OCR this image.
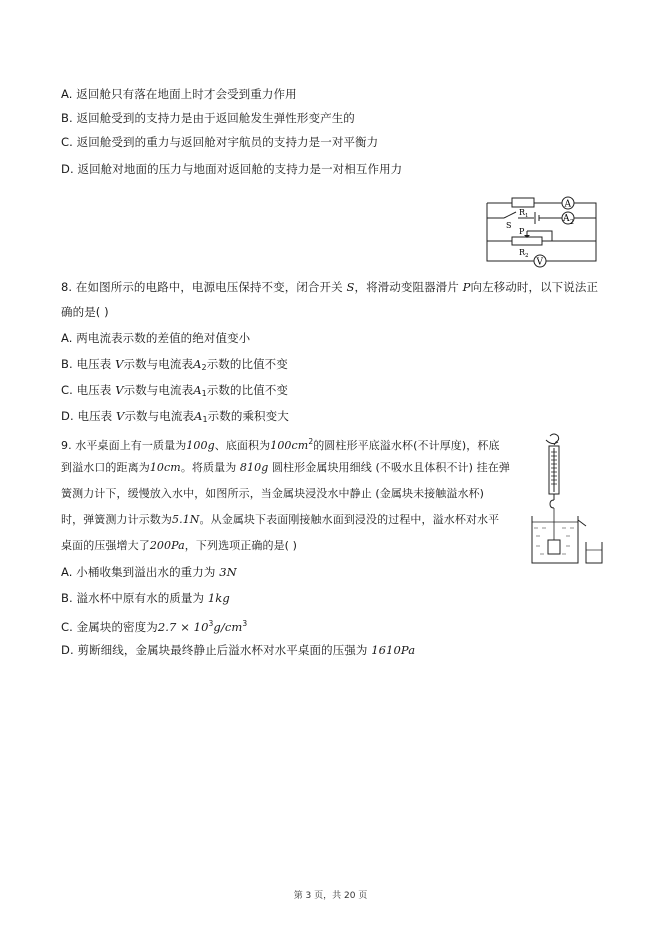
A. 返回舱只有落在地面上时才会受到重力作用
B. 返回舱受到的支持力是由于返回舱发生弹性形变产生的
C. 返回舱受到的重力与返回舱对宇航员的支持力是一对平衡力
D. 返回舱对地面的压力与地面对返回舱的支持力是一对相互作用力
A
A 2
R 1
S
P
R 2
V
8. 在如图所示的电路中，电源电压保持不变，闭合开关 S，将滑动变阻器滑片 P向左移动时，以下说法正
确的是( )
A. 两电流表示数的差值的绝对值变小
B. 电压表 V示数与电流表$A_2$示数的比值不变
C. 电压表 V示数与电流表$A_1$示数的比值不变
D. 电压表 V示数与电流表$A_1$示数的乘积变大
9. 水平桌面上有一质量为100g、底面积为$100cm^2$的圆柱形平底溢水杯(不计厚度)，杯底
到溢水口的距离为10cm。将质量为 810g 圆柱形金属块用细线 (不吸水且体积不计) 挂在弹
簧测力计下，缓慢放入水中，如图所示，当金属块浸没水中静止 (金属块未接触溢水杯)
时，弹簧测力计示数为5.1N。从金属块下表面刚接触水面到浸没的过程中，溢水杯对水平
桌面的压强增大了200Pa，下列选项正确的是( )
A. 小桶收集到溢出水的重力为 3N
B. 溢水杯中原有水的质量为 1kg
C. 金属块的密度为$2.7 \times 10^3g/cm^3$
D. 剪断细线，金属块最终静止后溢水杯对水平桌面的压强为 1610Pa
第 3 页，共 20 页
